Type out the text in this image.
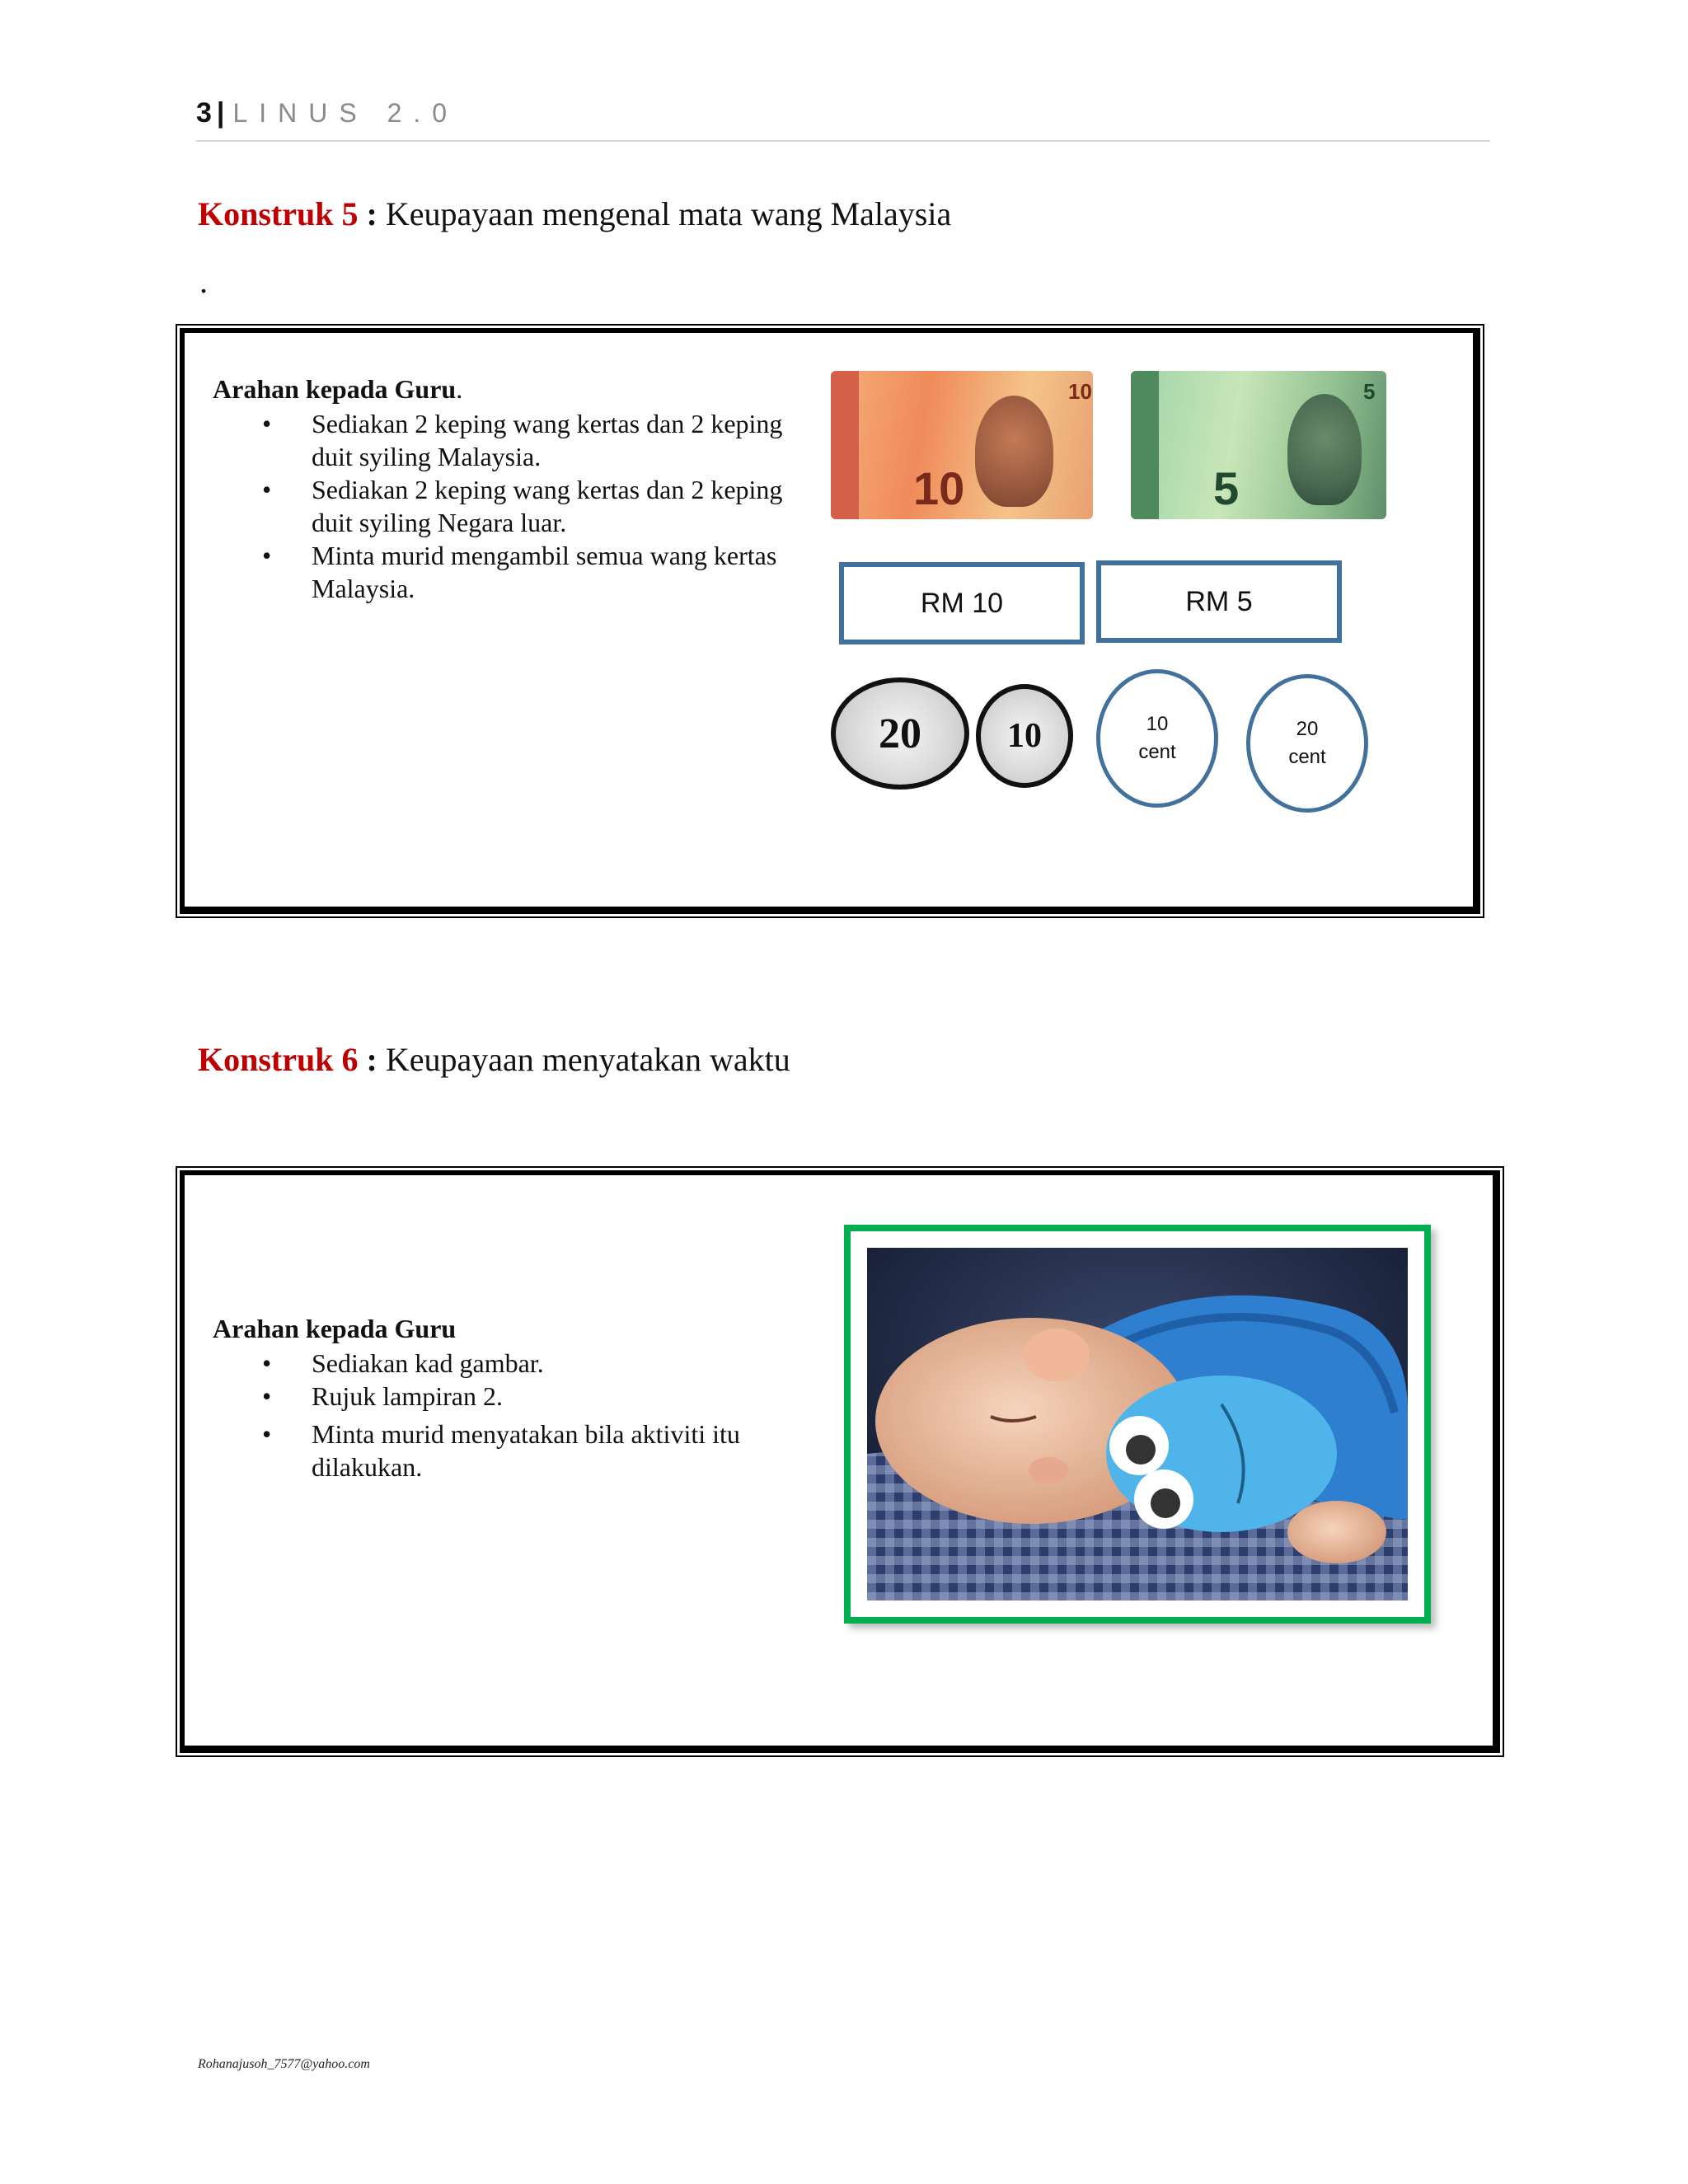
3 | LINUS 2.0
Konstruk 5 : Keupayaan mengenal mata wang Malaysia
.
Arahan kepada Guru.
• Sediakan 2 keping wang kertas dan 2 keping duit syiling Malaysia.
• Sediakan 2 keping wang kertas dan 2 keping duit syiling Negara luar.
• Minta murid mengambil semua wang kertas Malaysia.
10
10
5
5
RM 10	RM 5
20 10	10
cent
20
cent
Konstruk 6 : Keupayaan menyatakan waktu
Arahan kepada Guru
• Sediakan kad gambar.
• Rujuk lampiran 2.
• Minta murid menyatakan bila aktiviti itu dilakukan.
Rohanajusoh_7577@yahoo.com
